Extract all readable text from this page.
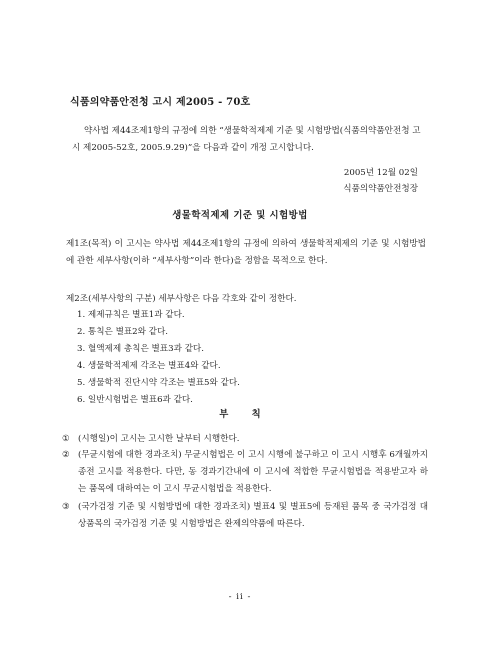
식품의약품안전청 고시 제2005 - 70호

약사법 제44조제1항의 규정에 의한 “생물학적제제 기준 및 시험방법(식품의약품안전청 고시 제2005-52호, 2005.9.29)”을 다음과 같이 개정 고시합니다.

2005년 12월 02일
식품의약품안전청장
생물학적제제 기준 및 시험방법

제1조(목적) 이 고시는 약사법 제44조제1항의 규정에 의하여 생물학적제제의 기준 및 시험방법에 관한 세부사항(이하 “세부사항”이라 한다)을 정함을 목적으로 한다.

제2조(세부사항의 구분) 세부사항은 다음 각호와 같이 정한다.
1. 제제규칙은 별표1과 같다.
2. 통칙은 별표2와 같다.
3. 혈액제제 총칙은 별표3과 같다.
4. 생물학적제제 각조는 별표4와 같다.
5. 생물학적 진단시약 각조는 별표5와 같다.
6. 일반시험법은 별표6과 같다.
부 칙
① (시행일)이 고시는 고시한 날부터 시행한다.
② (무균시험에 대한 경과조치) 무균시험법은 이 고시 시행에 불구하고 이 고시 시행후 6개월까지 종전 고시를 적용한다. 다만, 동 경과기간내에 이 고시에 적합한 무균시험법을 적용받고자 하는 품목에 대하여는 이 고시 무균시험법을 적용한다.
③ (국가검정 기준 및 시험방법에 대한 경과조치) 별표4 및 별표5에 등재된 품목 중 국가검정 대상품목의 국가검정 기준 및 시험방법은 완제의약품에 따른다.
- ii -
